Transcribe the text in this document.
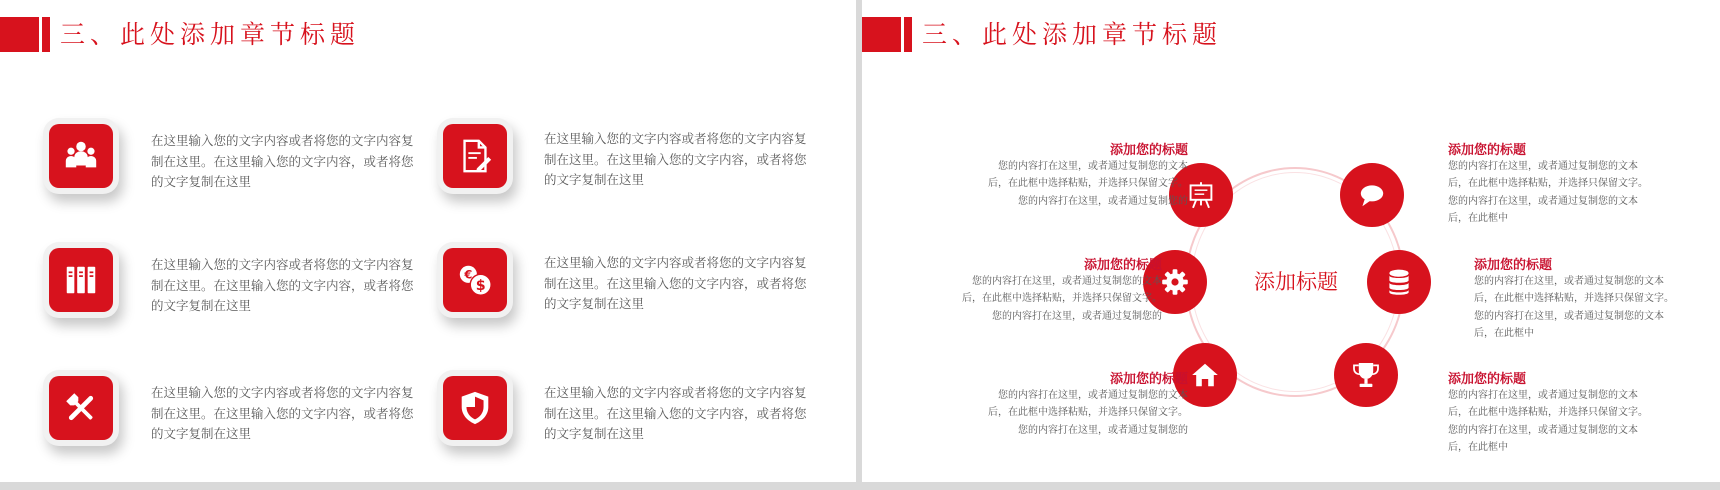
三、此处添加章节标题
在这里输入您的文字内容或者将您的文字内容复制在这里。在这里输入您的文字内容，或者将您的文字复制在这里
在这里输入您的文字内容或者将您的文字内容复制在这里。在这里输入您的文字内容，或者将您的文字复制在这里
在这里输入您的文字内容或者将您的文字内容复制在这里。在这里输入您的文字内容，或者将您的文字复制在这里
€
$
在这里输入您的文字内容或者将您的文字内容复制在这里。在这里输入您的文字内容，或者将您的文字复制在这里
在这里输入您的文字内容或者将您的文字内容复制在这里。在这里输入您的文字内容，或者将您的文字复制在这里
在这里输入您的文字内容或者将您的文字内容复制在这里。在这里输入您的文字内容，或者将您的文字复制在这里
三、此处添加章节标题
添加标题
添加您的标题
您的内容打在这里，或者通过复制您的文本后，在此框中选择粘贴，并选择只保留文字。您的内容打在这里，或者通过复制您的
添加您的标题
您的内容打在这里，或者通过复制您的文本后，在此框中选择粘贴，并选择只保留文字。您的内容打在这里，或者通过复制您的文本后，在此框中
添加您的标题
您的内容打在这里，或者通过复制您的文本后，在此框中选择粘贴，并选择只保留文字。您的内容打在这里，或者通过复制您的
添加您的标题
您的内容打在这里，或者通过复制您的文本后，在此框中选择粘贴，并选择只保留文字。您的内容打在这里，或者通过复制您的文本后，在此框中
添加您的标题
您的内容打在这里，或者通过复制您的文本后，在此框中选择粘贴，并选择只保留文字。您的内容打在这里，或者通过复制您的
添加您的标题
您的内容打在这里，或者通过复制您的文本后，在此框中选择粘贴，并选择只保留文字。您的内容打在这里，或者通过复制您的文本后，在此框中
